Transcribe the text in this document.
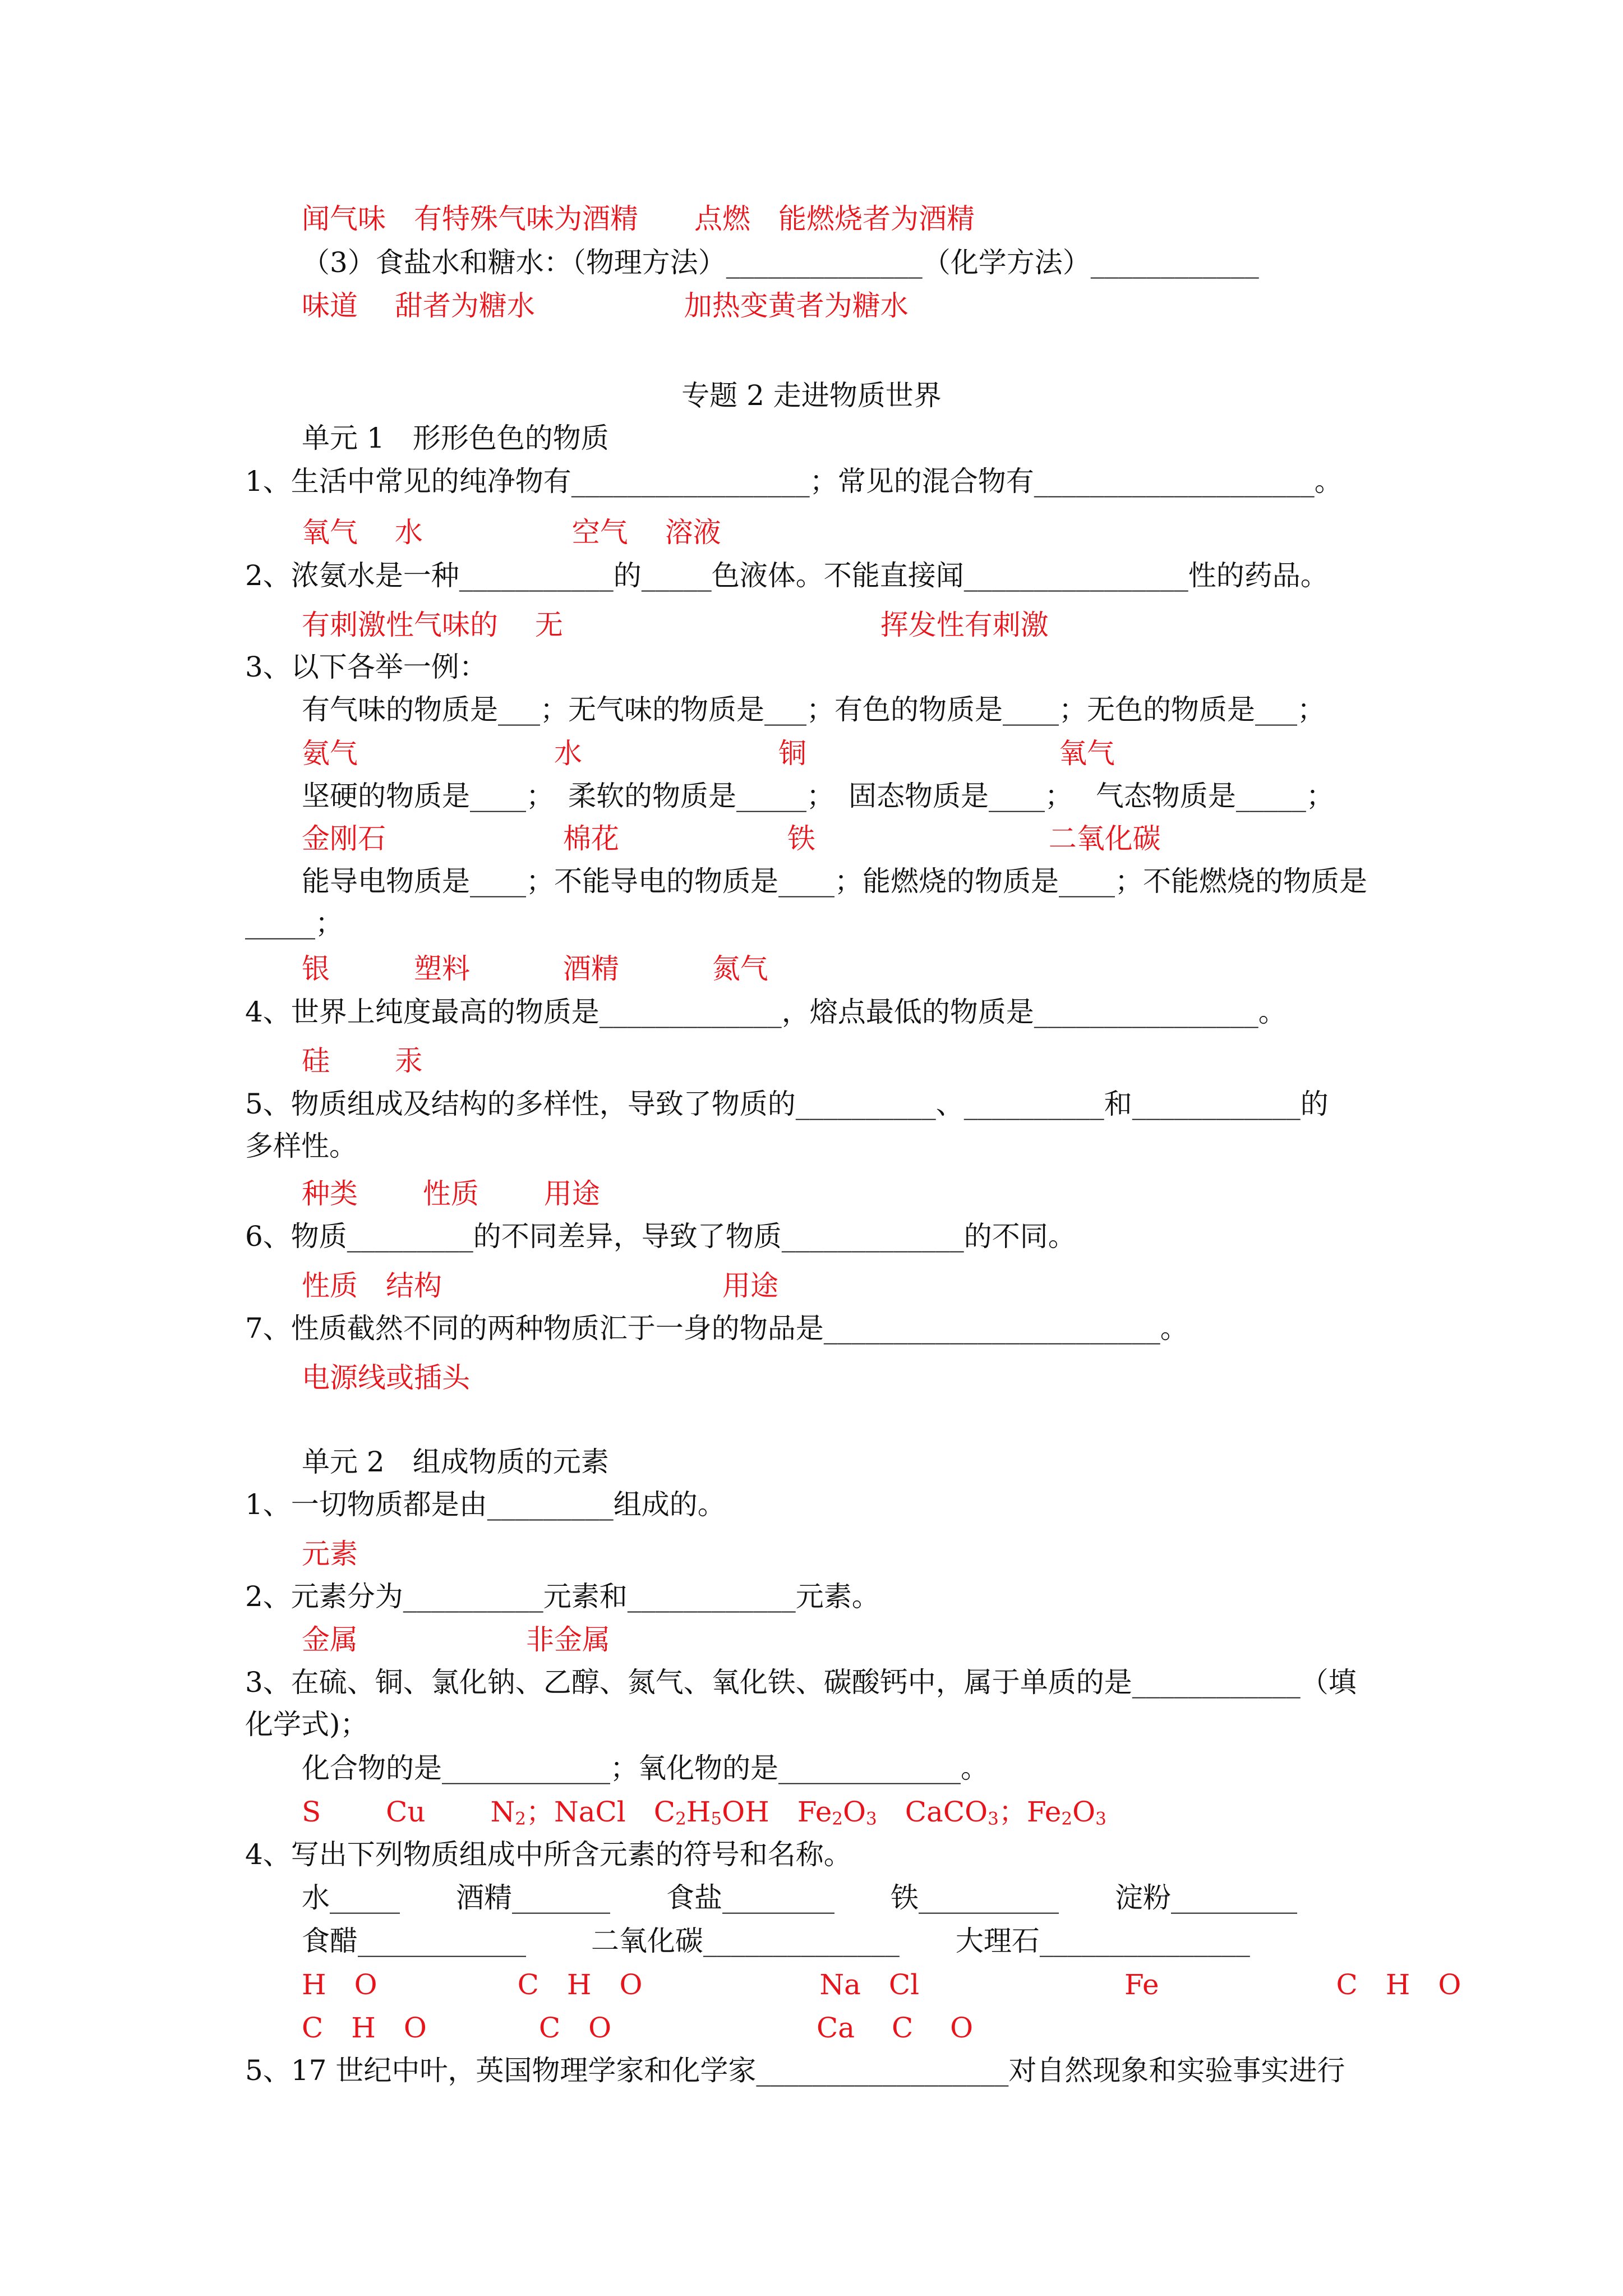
闻气味　有特殊气味为酒精　　点燃　能燃烧者为酒精
（3）食盐水和糖水：（物理方法）______________（化学方法）____________
味道　 甜者为糖水　　　　　 加热变黄者为糖水
专题 2 走进物质世界
单元 1　形形色色的物质
1、生活中常见的纯净物有_________________；常见的混合物有____________________。
氧气　 水　　　　　 空气　 溶液
2、浓氨水是一种___________的_____色液体。不能直接闻________________性的药品。
有刺激性气味的　 无　　　　　　　　　　　 挥发性有刺激
3、以下各举一例：
有气味的物质是___；无气味的物质是___；有色的物质是____；无色的物质是___；
氨气　　　　　　　水　　　　　　　铜　　　　　　　　　氧气
坚硬的物质是____；　柔软的物质是_____；　固态物质是____；　 气态物质是_____；
金刚石　　　　　　 棉花　　　　　　铁　　　　　　　　 二氧化碳
能导电物质是____；不能导电的物质是____；能燃烧的物质是____；不能燃烧的物质是
_____；
银　　　塑料　　　 酒精　　　 氮气
4、世界上纯度最高的物质是_____________，熔点最低的物质是________________。
硅　　 汞
5、物质组成及结构的多样性，导致了物质的__________、__________和____________的
多样性。
种类　　 性质　　 用途
6、物质_________的不同差异，导致了物质_____________的不同。
性质　结构　　　　　　　　　　用途
7、性质截然不同的两种物质汇于一身的物品是________________________。
电源线或插头
单元 2　组成物质的元素
1、一切物质都是由_________组成的。
元素
2、元素分为__________元素和____________元素。
金属　　　　　　非金属
3、在硫、铜、氯化钠、乙醇、氮气、氧化铁、碳酸钙中，属于单质的是____________（填
化学式)；
化合物的是____________；氧化物的是_____________。
S　　 Cu　　 $N_2$；NaCl　$C_2H_5OH$　$Fe_2O_3$　CaCO$_3$；$Fe_2O_3$
4、写出下列物质组成中所含元素的符号和名称。
水_____　　酒精_______　　食盐________　　铁__________　　淀粉_________
食醋____________　　 二氧化碳______________　　大理石_______________
H　O　　　　　C　H　O　　　　　　 Na　Cl　　　　　　　 Fe　　　　　　 C　H　O
C　H　O　　　　C　O　　　　　　　 Ca　 C　 O
5、17 世纪中叶，英国物理学家和化学家__________________对自然现象和实验事实进行
